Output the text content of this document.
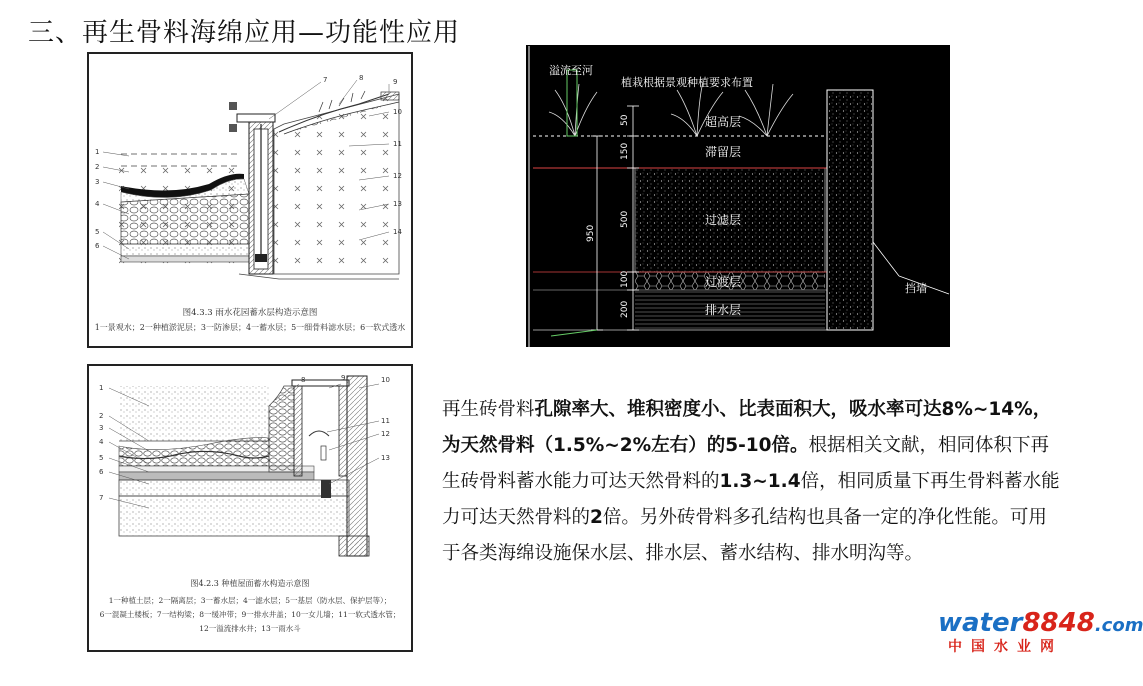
三、再生骨料海绵应用—功能性应用
1
2
3
4
5
6
7	8	9
10
11
12
13
14
图4.3.3 雨水花园蓄水层构造示意图
1一景观水；2一种植淤泥层；3一防渗层；4一蓄水层；5一细骨料滤水层；6一软式透水
1
2
3
4
5
6
7
8	9	10
11
12
13
图4.2.3 种植屋面蓄水构造示意图
1一种植土层；2一隔离层；3一蓄水层；4一滤水层；5一基层（防水层、保护层等）；
6一混凝土楼板；7一结构梁；8一缓冲带；9一排水井盖；10一女儿墙；11一软式透水管；
12一溢流排水井；13一雨水斗
溢流至河
植栽根据景观种植要求布置
超高层
滞留层
过滤层
过渡层
排水层
挡墙
50
150
500
950
100
200
再生砖骨料孔隙率大、堆积密度小、比表面积大，吸水率可达8%~14%，为天然骨料（1.5%~2%左右）的5-10倍。根据相关文献，相同体积下再生砖骨料蓄水能力可达天然骨料的1.3~1.4倍，相同质量下再生骨料蓄水能力可达天然骨料的2倍。另外砖骨料多孔结构也具备一定的净化性能。可用于各类海绵设施保水层、排水层、蓄水结构、排水明沟等。
water8848.com
中国水业网
